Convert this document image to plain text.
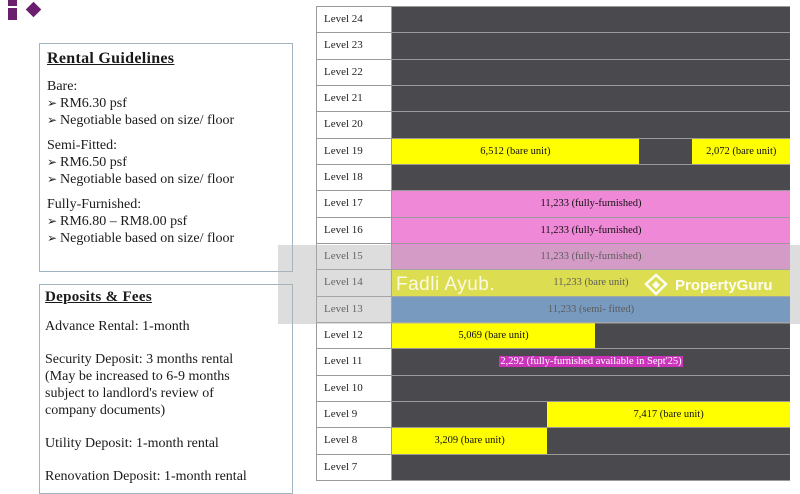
Rental Guidelines
Bare:
➢ RM6.30 psf
➢ Negotiable based on size/ floor
Semi-Fitted:
➢ RM6.50 psf
➢ Negotiable based on size/ floor
Fully-Furnished:
➢ RM6.80 – RM8.00 psf
➢ Negotiable based on size/ floor
Deposits & Fees
Advance Rental: 1-month
Security Deposit: 3 months rental
(May be increased to 6-9 months
subject to landlord's review of
company documents)
Utility Deposit: 1-month rental
Renovation Deposit: 1-month rental
Level 24
Level 23
Level 22
Level 21
Level 20
Level 19	6,512 (bare unit)	2,072 (bare unit)
Level 18
Level 17	11,233 (fully-furnished)
Level 16	11,233 (fully-furnished)
Level 15	11,233 (fully-furnished)
Level 14	11,233 (bare unit)
Level 13	11,233 (semi- fitted)
Level 12	5,069 (bare unit)
Level 11	2,292 (fully-furnished available in Sept'25)
Level 10
Level 9	7,417 (bare unit)
Level 8	3,209 (bare unit)
Level 7
Fadli Ayub.	PropertyGuru
